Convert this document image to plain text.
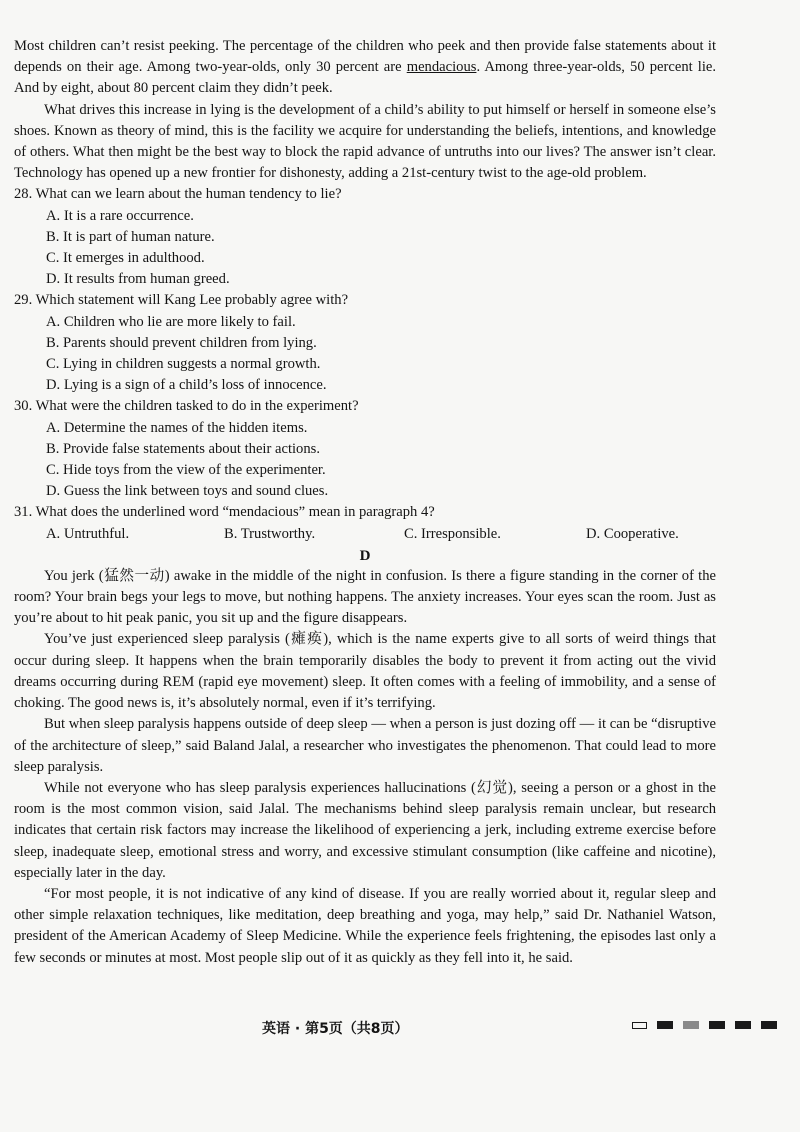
Most children can’t resist peeking. The percentage of the children who peek and then provide false statements about it depends on their age. Among two-year-olds, only 30 percent are mendacious. Among three-year-olds, 50 percent lie. And by eight, about 80 percent claim they didn’t peek.

What drives this increase in lying is the development of a child’s ability to put himself or herself in someone else’s shoes. Known as theory of mind, this is the facility we acquire for understanding the beliefs, intentions, and knowledge of others. What then might be the best way to block the rapid advance of untruths into our lives? The answer isn’t clear. Technology has opened up a new frontier for dishonesty, adding a 21st-century twist to the age-old problem.

28. What can we learn about the human tendency to lie?
A. It is a rare occurrence.
B. It is part of human nature.
C. It emerges in adulthood.
D. It results from human greed.
29. Which statement will Kang Lee probably agree with?
A. Children who lie are more likely to fail.
B. Parents should prevent children from lying.
C. Lying in children suggests a normal growth.
D. Lying is a sign of a child’s loss of innocence.
30. What were the children tasked to do in the experiment?
A. Determine the names of the hidden items.
B. Provide false statements about their actions.
C. Hide toys from the view of the experimenter.
D. Guess the link between toys and sound clues.
31. What does the underlined word “mendacious” mean in paragraph 4?
A. Untruthful.	B. Trustworthy.	C. Irresponsible.	D. Cooperative.
D

You jerk (猛然一动) awake in the middle of the night in confusion. Is there a figure standing in the corner of the room? Your brain begs your legs to move, but nothing happens. The anxiety increases. Your eyes scan the room. Just as you’re about to hit peak panic, you sit up and the figure disappears.

You’ve just experienced sleep paralysis (瘫痪), which is the name experts give to all sorts of weird things that occur during sleep. It happens when the brain temporarily disables the body to prevent it from acting out the vivid dreams occurring during REM (rapid eye movement) sleep. It often comes with a feeling of immobility, and a sense of choking. The good news is, it’s absolutely normal, even if it’s terrifying.

But when sleep paralysis happens outside of deep sleep — when a person is just dozing off — it can be “disruptive of the architecture of sleep,” said Baland Jalal, a researcher who investigates the phenomenon. That could lead to more sleep paralysis.

While not everyone who has sleep paralysis experiences hallucinations (幻觉), seeing a person or a ghost in the room is the most common vision, said Jalal. The mechanisms behind sleep paralysis remain unclear, but research indicates that certain risk factors may increase the likelihood of experiencing a jerk, including extreme exercise before sleep, inadequate sleep, emotional stress and worry, and excessive stimulant consumption (like caffeine and nicotine), especially later in the day.

“For most people, it is not indicative of any kind of disease. If you are really worried about it, regular sleep and other simple relaxation techniques, like meditation, deep breathing and yoga, may help,” said Dr. Nathaniel Watson, president of the American Academy of Sleep Medicine. While the experience feels frightening, the episodes last only a few seconds or minutes at most. Most people slip out of it as quickly as they fell into it, he said.

英语 · 第5页（共8页）
